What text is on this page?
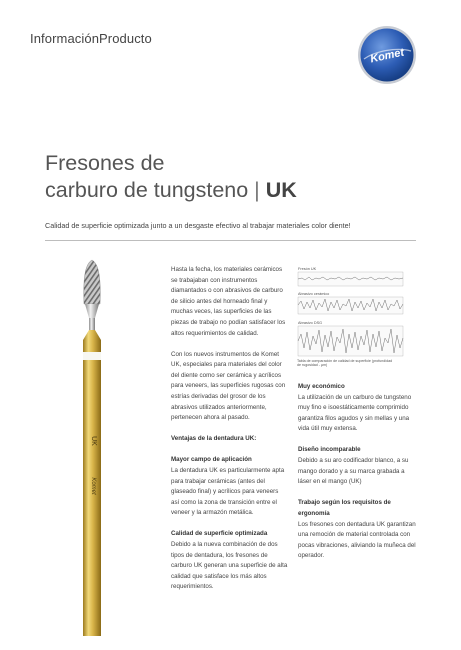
InformaciónProducto
Komet
Fresones de
carburo de tungsteno | UK
Calidad de superficie optimizada junto a un desgaste efectivo al trabajar materiales color diente!
UK
Komet

Hasta la fecha, los materiales cerámicos se trabajaban con instrumentos diamantados o con abrasivos de carburo de silicio antes del horneado final y muchas veces, las superficies de las piezas de trabajo no podían satisfacer los altos requerimientos de calidad.

Con los nuevos instrumentos de Komet UK, especiales para materiales del color del diente como ser cerámica y acrílicos para veneers, las superficies rugosas con estrías derivadas del grosor de los abrasivos utilizados anteriormente, pertenecen ahora al pasado.

Ventajas de la dentadura UK:

Mayor campo de aplicación

La dentadura UK es particularmente apta para trabajar cerámicas (antes del glaseado final) y acrílicos para veneers así como la zona de transición entre el veneer y la armazón metálica.

Calidad de superficie optimizada

Debido a la nueva combinación de dos tipos de dentadura, los fresones de carburo UK generan una superficie de alta calidad que satisface los más altos requerimientos.

Fresón UK
Abrasivo cerámico
Abrasivo DSG
Tabla de comparación de calidad de superficie (profundidad de rugosidad - µm)

Muy económico

La utilización de un carburo de tungsteno muy fino e isoestáticamente comprimido garantiza filos agudos y sin mellas y una vida útil muy extensa.

Diseño incomparable

Debido a su aro codificador blanco, a su mango dorado y a su marca grabada a láser en el mango (UK)

Trabajo según los requisitos de ergonomía

Los fresones con dentadura UK garantizan una remoción de material controlada con pocas vibraciones, aliviando la muñeca del operador.
